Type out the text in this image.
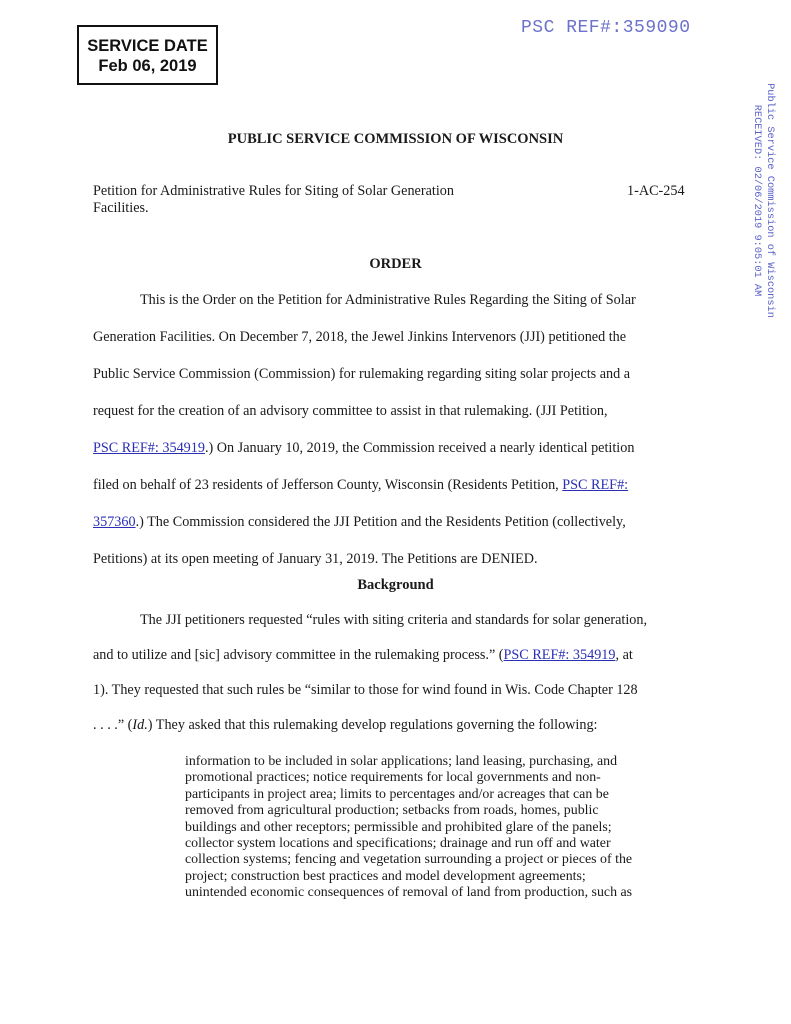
SERVICE DATE
Feb 06, 2019
PSC REF#:359090
Public Service Commission of Wisconsin
RECEIVED: 02/06/2019 9:05:01 AM
PUBLIC SERVICE COMMISSION OF WISCONSIN
Petition for Administrative Rules for Siting of Solar Generation
Facilities.
1-AC-254
ORDER
This is the Order on the Petition for Administrative Rules Regarding the Siting of Solar
Generation Facilities. On December 7, 2018, the Jewel Jinkins Intervenors (JJI) petitioned the
Public Service Commission (Commission) for rulemaking regarding siting solar projects and a
request for the creation of an advisory committee to assist in that rulemaking. (JJI Petition,
PSC REF#: 354919.) On January 10, 2019, the Commission received a nearly identical petition
filed on behalf of 23 residents of Jefferson County, Wisconsin (Residents Petition, PSC REF#:
357360.) The Commission considered the JJI Petition and the Residents Petition (collectively,
Petitions) at its open meeting of January 31, 2019. The Petitions are DENIED.
Background
The JJI petitioners requested “rules with siting criteria and standards for solar generation,
and to utilize and [sic] advisory committee in the rulemaking process.” (PSC REF#: 354919, at
1). They requested that such rules be “similar to those for wind found in Wis. Code Chapter 128
. . . .” (Id.) They asked that this rulemaking develop regulations governing the following:
information to be included in solar applications; land leasing, purchasing, and
promotional practices; notice requirements for local governments and non-
participants in project area; limits to percentages and/or acreages that can be
removed from agricultural production; setbacks from roads, homes, public
buildings and other receptors; permissible and prohibited glare of the panels;
collector system locations and specifications; drainage and run off and water
collection systems; fencing and vegetation surrounding a project or pieces of the
project; construction best practices and model development agreements;
unintended economic consequences of removal of land from production, such as
